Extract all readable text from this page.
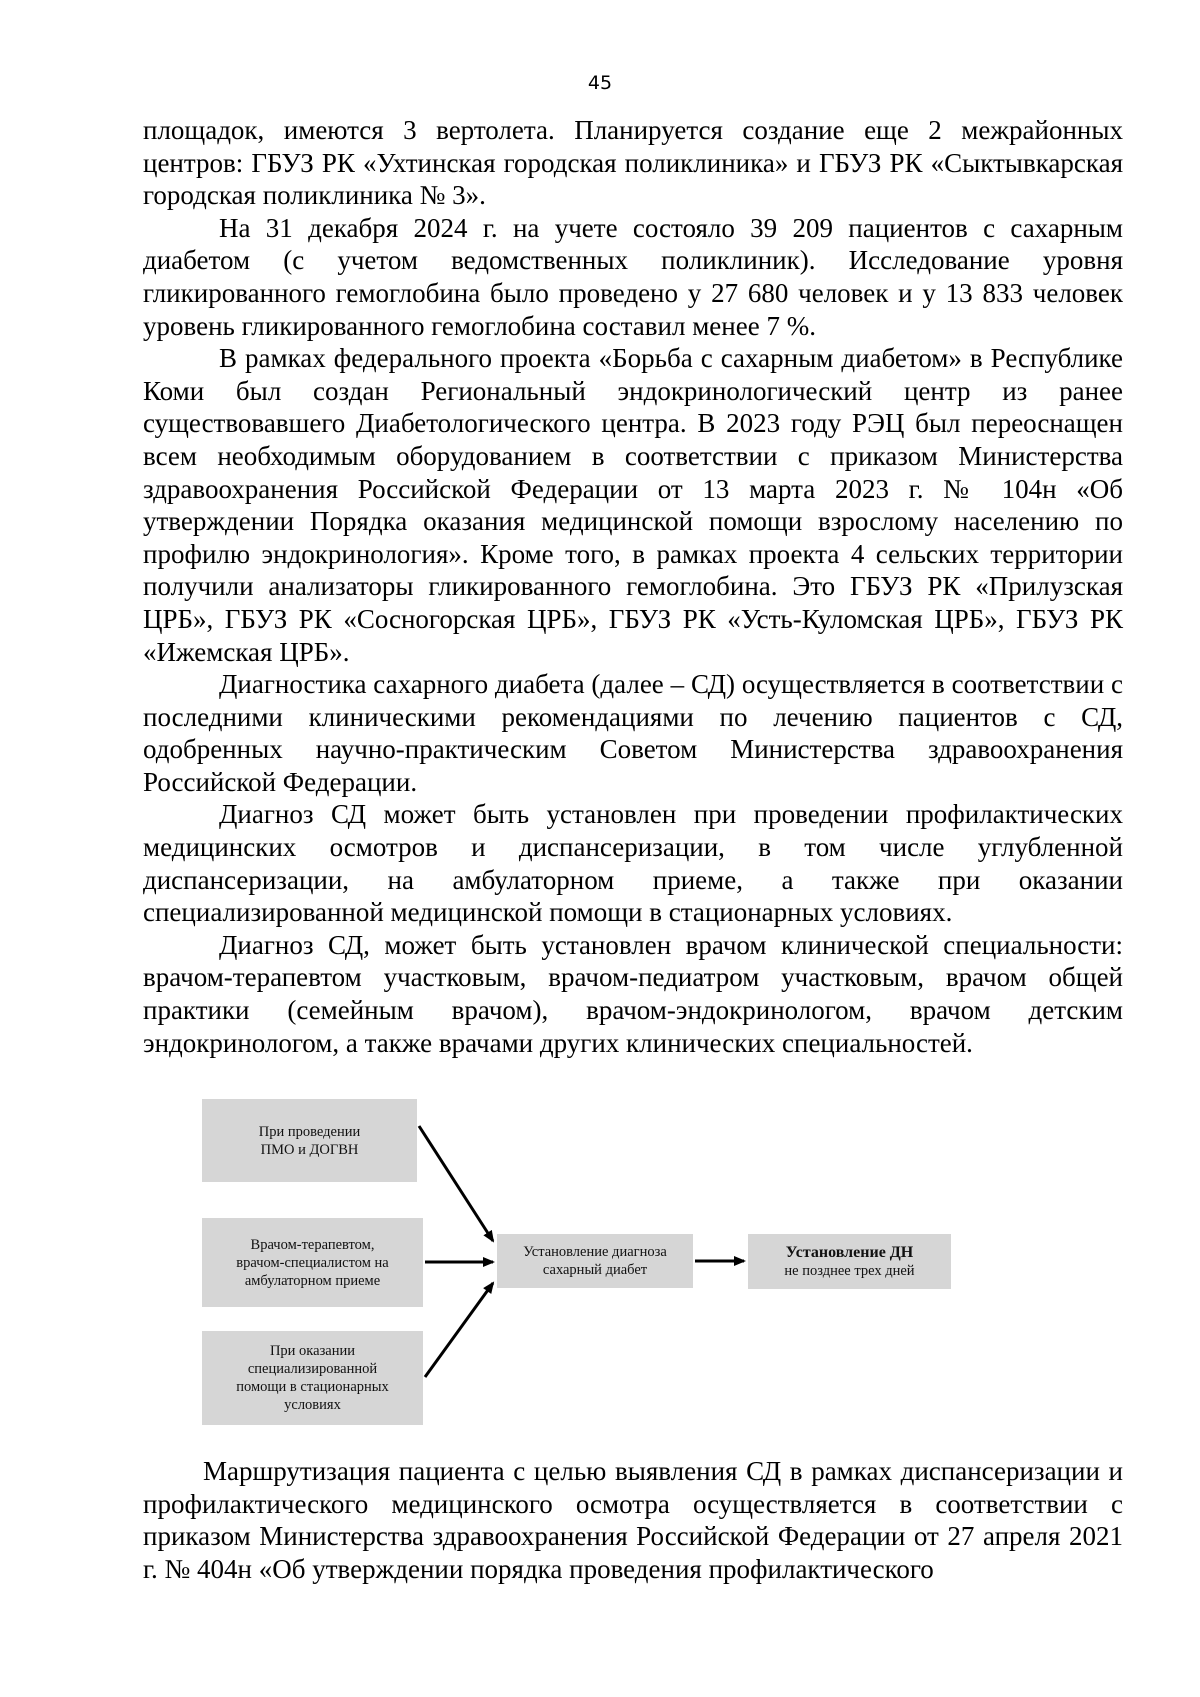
45

площадок, имеются 3 вертолета. Планируется создание еще 2 межрайонных центров: ГБУЗ РК «Ухтинская городская поликлиника» и ГБУЗ РК «Сыктывкарская городская поликлиника № 3».

На 31 декабря 2024 г. на учете состояло 39 209 пациентов с сахарным диабетом (с учетом ведомственных поликлиник). Исследование уровня гликированного гемоглобина было проведено у 27 680 человек и у 13 833 человек уровень гликированного гемоглобина составил менее 7 %.

В рамках федерального проекта «Борьба с сахарным диабетом» в Республике Коми был создан Региональный эндокринологический центр из ранее существовавшего Диабетологического центра. В 2023 году РЭЦ был переоснащен всем необходимым оборудованием в соответствии с приказом Министерства здравоохранения Российской Федерации от 13 марта 2023 г. № 104н «Об утверждении Порядка оказания медицинской помощи взрослому населению по профилю эндокринология». Кроме того, в рамках проекта 4 сельских территории получили анализаторы гликированного гемоглобина. Это ГБУЗ РК «Прилузская ЦРБ», ГБУЗ РК «Сосногорская ЦРБ», ГБУЗ РК «Усть-Куломская ЦРБ», ГБУЗ РК «Ижемская ЦРБ».

Диагностика сахарного диабета (далее – СД) осуществляется в соответствии с последними клиническими рекомендациями по лечению пациентов с СД, одобренных научно-практическим Советом Министерства здравоохранения Российской Федерации.

Диагноз СД может быть установлен при проведении профилактических медицинских осмотров и диспансеризации, в том числе углубленной диспансеризации, на амбулаторном приеме, а также при оказании специализированной медицинской помощи в стационарных условиях.

Диагноз СД, может быть установлен врачом клинической специальности: врачом-терапевтом участковым, врачом-педиатром участковым, врачом общей практики (семейным врачом), врачом-эндокринологом, врачом детским эндокринологом, а также врачами других клинических специальностей.

При проведении
ПМО и ДОГВН
Врачом-терапевтом,
врачом-специалистом на
амбулаторном приеме
При оказании
специализированной
помощи в стационарных
условиях
Установление диагноза
сахарный диабет
Установление ДН
не позднее трех дней

Маршрутизация пациента с целью выявления СД в рамках диспансеризации и профилактического медицинского осмотра осуществляется в соответствии с приказом Министерства здравоохранения Российской Федерации от 27 апреля 2021 г. № 404н «Об утверждении порядка проведения профилактического
